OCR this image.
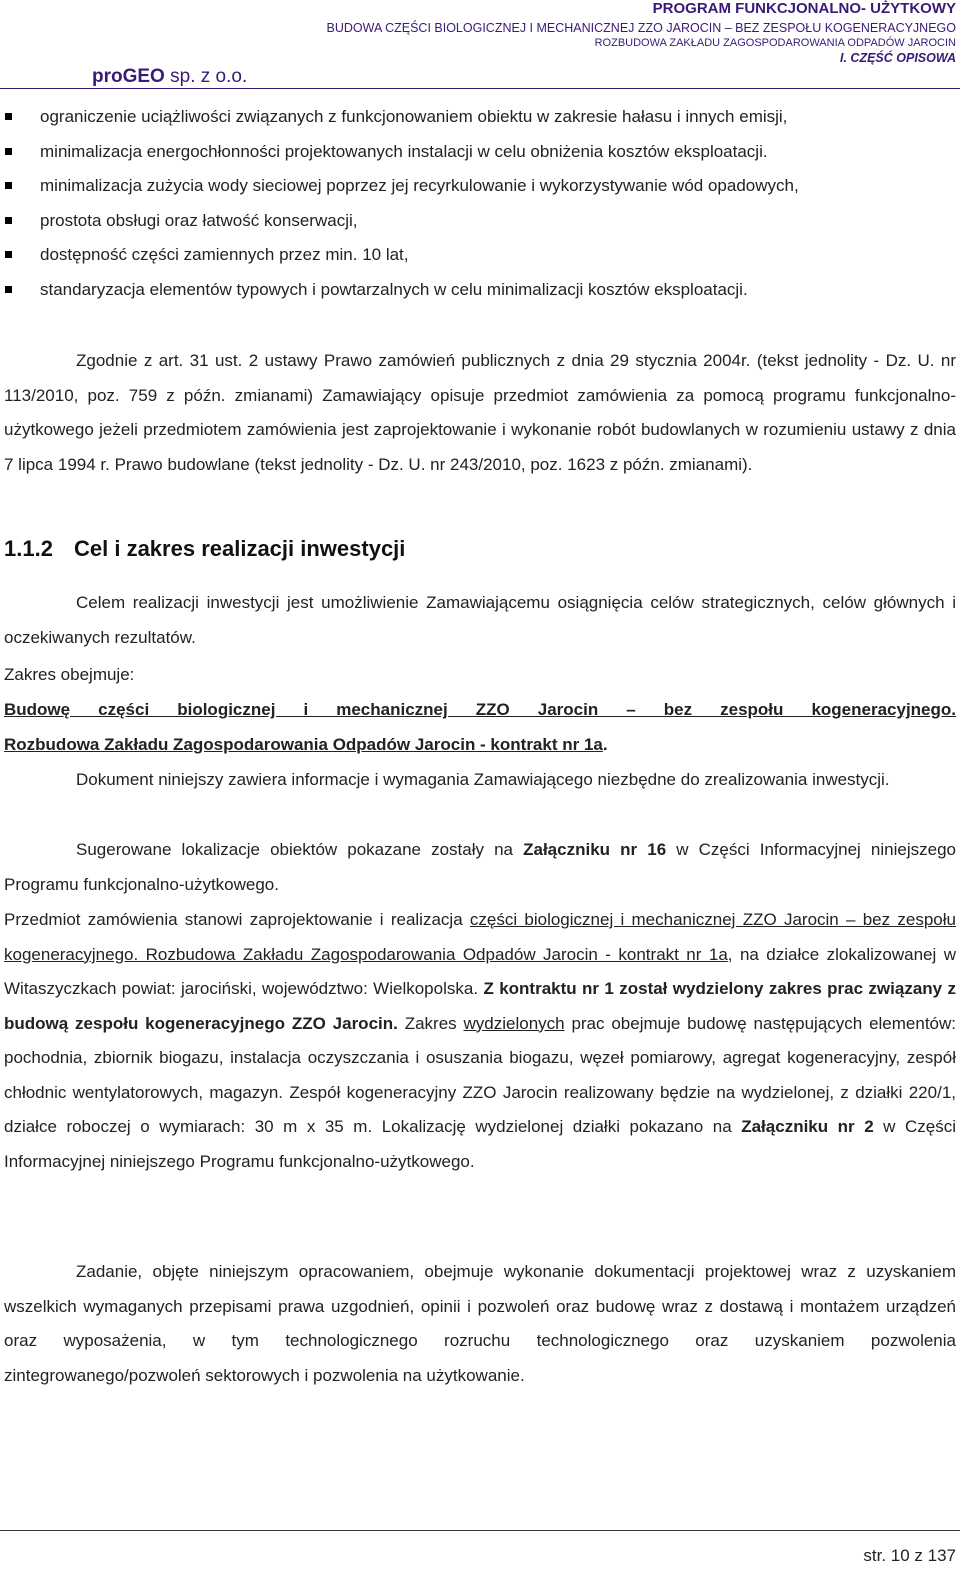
proGEO sp. z o.o.
PROGRAM FUNKCJONALNO- UŻYTKOWY
BUDOWA CZĘŚCI BIOLOGICZNEJ I MECHANICZNEJ ZZO JAROCIN – BEZ ZESPOŁU KOGENERACYJNEGO
ROZBUDOWA ZAKŁADU ZAGOSPODAROWANIA ODPADÓW JAROCIN
I. CZĘŚĆ OPISOWA
ograniczenie uciążliwości związanych z funkcjonowaniem obiektu w zakresie hałasu i innych emisji,
minimalizacja energochłonności projektowanych instalacji w celu obniżenia kosztów eksploatacji.
minimalizacja zużycia wody sieciowej poprzez jej recyrkulowanie i wykorzystywanie wód opadowych,
prostota obsługi oraz łatwość konserwacji,
dostępność części zamiennych przez min. 10 lat,
standaryzacja elementów typowych i powtarzalnych w celu minimalizacji kosztów eksploatacji.

Zgodnie z art. 31 ust. 2 ustawy Prawo zamówień publicznych z dnia 29 stycznia 2004r. (tekst jednolity - Dz. U. nr 113/2010, poz. 759 z późn. zmianami) Zamawiający opisuje przedmiot zamówienia za pomocą programu funkcjonalno-użytkowego jeżeli przedmiotem zamówienia jest zaprojektowanie i wykonanie robót budowlanych w rozumieniu ustawy z dnia 7 lipca 1994 r. Prawo budowlane (tekst jednolity - Dz. U. nr 243/2010, poz. 1623 z późn. zmianami).

1.1.2 Cel i zakres realizacji inwestycji

Celem realizacji inwestycji jest umożliwienie Zamawiającemu osiągnięcia celów strategicznych, celów głównych i oczekiwanych rezultatów.

Zakres obejmuje:

Budowę części biologicznej i mechanicznej ZZO Jarocin – bez zespołu kogeneracyjnego.

Rozbudowa Zakładu Zagospodarowania Odpadów Jarocin - kontrakt nr 1a.

Dokument niniejszy zawiera informacje i wymagania Zamawiającego niezbędne do zrealizowania inwestycji.

Sugerowane lokalizacje obiektów pokazane zostały na Załączniku nr 16 w Części Informacyjnej niniejszego Programu funkcjonalno-użytkowego.

Przedmiot zamówienia stanowi zaprojektowanie i realizacja części biologicznej i mechanicznej ZZO Jarocin – bez zespołu kogeneracyjnego. Rozbudowa Zakładu Zagospodarowania Odpadów Jarocin - kontrakt nr 1a, na działce zlokalizowanej w Witaszyczkach powiat: jarociński, województwo: Wielkopolska. Z kontraktu nr 1 został wydzielony zakres prac związany z budową zespołu kogeneracyjnego ZZO Jarocin. Zakres wydzielonych prac obejmuje budowę następujących elementów: pochodnia, zbiornik biogazu, instalacja oczyszczania i osuszania biogazu, węzeł pomiarowy, agregat kogeneracyjny, zespół chłodnic wentylatorowych, magazyn. Zespół kogeneracyjny ZZO Jarocin realizowany będzie na wydzielonej, z działki 220/1, działce roboczej o wymiarach: 30 m x 35 m. Lokalizację wydzielonej działki pokazano na Załączniku nr 2 w Części Informacyjnej niniejszego Programu funkcjonalno-użytkowego.

Zadanie, objęte niniejszym opracowaniem, obejmuje wykonanie dokumentacji projektowej wraz z uzyskaniem wszelkich wymaganych przepisami prawa uzgodnień, opinii i pozwoleń oraz budowę wraz z dostawą i montażem urządzeń oraz wyposażenia, w tym technologicznego rozruchu technologicznego oraz uzyskaniem pozwolenia zintegrowanego/pozwoleń sektorowych i pozwolenia na użytkowanie.

str. 10 z 137
